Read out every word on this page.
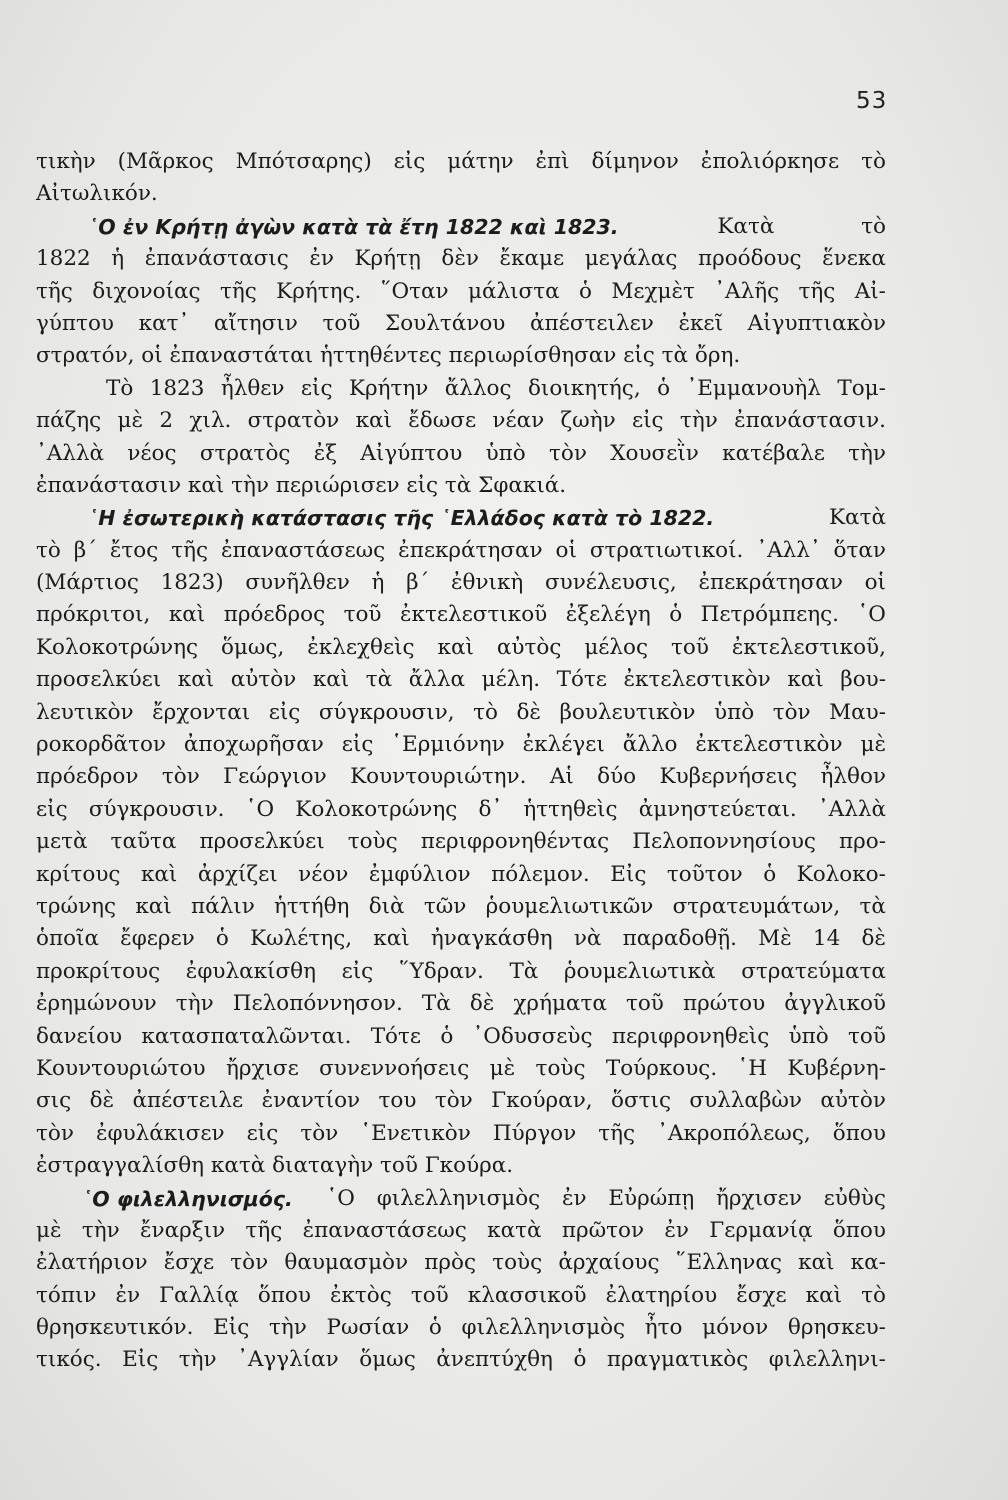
53
τικὴν (Μᾶρκος Μπότσαρης) εἰς μάτην ἐπὶ δίμηνον ἐπολιόρκησε τὸ
Αἰτωλικόν.
῾Ο ἐν Κρήτῃ ἀγὼν κατὰ τὰ ἔτη 1822 καὶ 1823.	Κατὰ	τὸ
1822 ἡ ἐπανάστασις ἐν Κρήτῃ δὲν ἔκαμε μεγάλας προόδους ἕνεκα
τῆς διχονοίας τῆς Κρήτης. ῞Οταν μάλιστα ὁ Μεχμὲτ ᾿Αλῆς τῆς Αἰ-
γύπτου κατ᾿ αἴτησιν τοῦ Σουλτάνου ἀπέστειλεν ἐκεῖ Αἰγυπτιακὸν
στρατόν, οἱ ἐπαναστάται ἡττηθέντες περιωρίσθησαν εἰς τὰ ὄρη.
Τὸ 1823 ἦλθεν εἰς Κρήτην ἄλλος διοικητής, ὁ ᾿Εμμανουὴλ Τομ-
πάζης μὲ 2 χιλ. στρατὸν καὶ ἔδωσε νέαν ζωὴν εἰς τὴν ἐπανάστασιν.
᾿Αλλὰ νέος στρατὸς ἐξ Αἰγύπτου ὑπὸ τὸν Χουσεῒν κατέβαλε τὴν
ἐπανάστασιν καὶ τὴν περιώρισεν εἰς τὰ Σφακιά.
῾Η ἐσωτερικὴ κατάστασις τῆς ῾Ελλάδος κατὰ τὸ 1822.	Κατὰ
τὸ β΄ ἔτος τῆς ἐπαναστάσεως ἐπεκράτησαν οἱ στρατιωτικοί. ᾿Αλλ᾿ ὅταν
(Μάρτιος 1823) συνῆλθεν ἡ β΄ ἐθνικὴ συνέλευσις, ἐπεκράτησαν οἱ
πρόκριτοι, καὶ πρόεδρος τοῦ ἐκτελεστικοῦ ἐξελέγη ὁ Πετρόμπεης. ῾Ο
Κολοκοτρώνης ὅμως, ἐκλεχθεὶς καὶ αὐτὸς μέλος τοῦ ἐκτελεστικοῦ,
προσελκύει καὶ αὐτὸν καὶ τὰ ἄλλα μέλη. Τότε ἐκτελεστικὸν καὶ βου-
λευτικὸν ἔρχονται εἰς σύγκρουσιν, τὸ δὲ βουλευτικὸν ὑπὸ τὸν Μαυ-
ροκορδᾶτον ἀποχωρῆσαν εἰς ῾Ερμιόνην ἐκλέγει ἄλλο ἐκτελεστικὸν μὲ
πρόεδρον τὸν Γεώργιον Κουντουριώτην. Αἱ δύο Κυβερνήσεις ἦλθον
εἰς σύγκρουσιν. ῾Ο Κολοκοτρώνης δ᾿ ἡττηθεὶς ἀμνηστεύεται. ᾿Αλλὰ
μετὰ ταῦτα προσελκύει τοὺς περιφρονηθέντας Πελοποννησίους προ-
κρίτους καὶ ἀρχίζει νέον ἐμφύλιον πόλεμον. Εἰς τοῦτον ὁ Κολοκο-
τρώνης καὶ πάλιν ἡττήθη διὰ τῶν ῥουμελιωτικῶν στρατευμάτων, τὰ
ὁποῖα ἔφερεν ὁ Κωλέτης, καὶ ἠναγκάσθη νὰ παραδοθῇ. Μὲ 14 δὲ
προκρίτους ἐφυλακίσθη εἰς ῞Υδραν. Τὰ ῥουμελιωτικὰ στρατεύματα
ἐρημώνουν τὴν Πελοπόννησον. Τὰ δὲ χρήματα τοῦ πρώτου ἀγγλικοῦ
δανείου κατασπαταλῶνται. Τότε ὁ ᾿Οδυσσεὺς περιφρονηθεὶς ὑπὸ τοῦ
Κουντουριώτου ἤρχισε συνεννοήσεις μὲ τοὺς Τούρκους. ῾Η Κυβέρνη-
σις δὲ ἀπέστειλε ἐναντίον του τὸν Γκούραν, ὅστις συλλαβὼν αὐτὸν
τὸν ἐφυλάκισεν εἰς τὸν ῾Ενετικὸν Πύργον τῆς ᾿Ακροπόλεως, ὅπου
ἐστραγγαλίσθη κατὰ διαταγὴν τοῦ Γκούρα.
῾Ο φιλελληνισμός. ῾Ο φιλελληνισμὸς ἐν Εὐρώπῃ ἤρχισεν εὐθὺς
μὲ τὴν ἔναρξιν τῆς ἐπαναστάσεως κατὰ πρῶτον ἐν Γερμανίᾳ ὅπου
ἐλατήριον ἔσχε τὸν θαυμασμὸν πρὸς τοὺς ἀρχαίους ῞Ελληνας καὶ κα-
τόπιν ἐν Γαλλίᾳ ὅπου ἐκτὸς τοῦ κλασσικοῦ ἐλατηρίου ἔσχε καὶ τὸ
θρησκευτικόν. Εἰς τὴν Ρωσίαν ὁ φιλελληνισμὸς ἦτο μόνον θρησκευ-
τικός. Εἰς τὴν ᾿Αγγλίαν ὅμως ἀνεπτύχθη ὁ πραγματικὸς φιλελληνι-
